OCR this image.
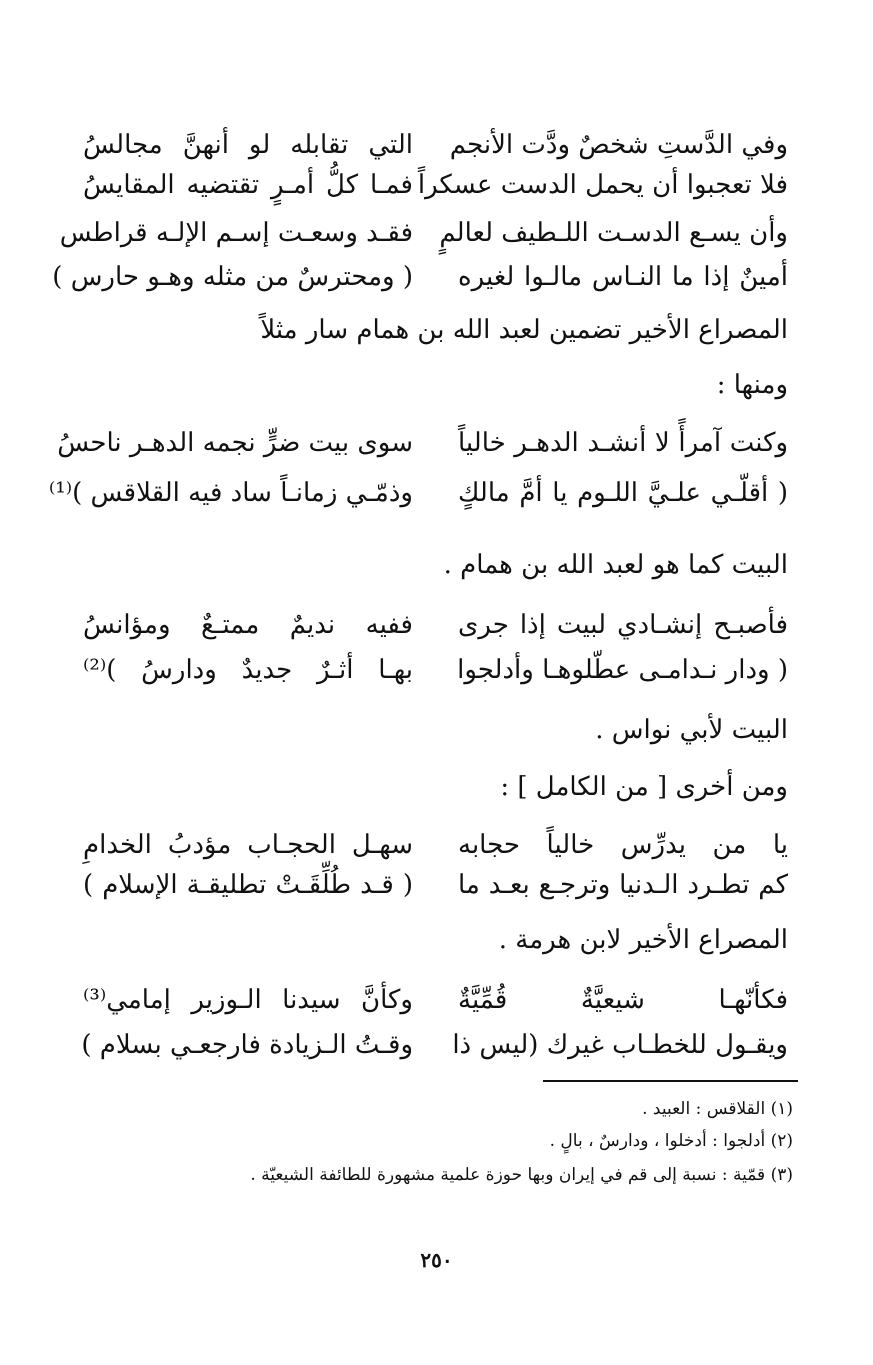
وفي الدَّستِ شخصٌ ودَّت الأنجم
التي تقابله لو أنهنَّ مجالسُ
فلا تعجبوا أن يحمل الدست عسكراً
فمـا كلُّ أمـرٍ تقتضيه المقايسُ
وأن يسـع الدسـت اللـطيف لعالمٍ
فقـد وسعـت إسـم الإلـه قراطس
أمينٌ إذا ما النـاس مالـوا لغيره
( ومحترسٌ من مثله وهـو حارس )
المصراع الأخير تضمين لعبد الله بن همام سار مثلاً
ومنها :
وكنت آمرأً لا أنشـد الدهـر خالياً
سوى بيت ضرٍّ نجمه الدهـر ناحسُ
( أقلّـي علـيَّ اللـوم يا أمَّ مالكٍ
وذمّـي زمانـاً ساد فيه القلاقس )⁽¹⁾
البيت كما هو لعبد الله بن همام .
فأصبـح إنشـادي لبيت إذا جرى
ففيه نديمٌ ممتـعٌ ومؤانسُ
( ودار نـدامـى عطّلوهـا وأدلجوا
بهـا أثـرٌ جديدٌ ودارسُ )⁽²⁾
البيت لأبي نواس .
ومن أخرى [ من الكامل ] :
يا من يدرِّس خالياً حجابه
سهـل الحجـاب مؤدبُ الخدامِ
كم تطـرد الـدنيا وترجـع بعـد ما
( قـد طُلِّقَـتْ تطليقـة الإسلام )
المصراع الأخير لابن هرمة .
فكأنّهـا شيعيَّةٌ قُمِّيَّةٌ
وكأنَّ سيدنا الـوزير إمامي⁽³⁾
ويقـول للخطـاب غيرك (ليس ذا
وقـتُ الـزيادة فارجعـي بسلام )
(١) القلاقس : العبيد .
(٢) أدلجوا : أدخلوا ، ودارسٌ ، بالٍ .
(٣) قمّية : نسبة إلى قم في إيران وبها حوزة علمية مشهورة للطائفة الشيعيّة .
٢٥٠
